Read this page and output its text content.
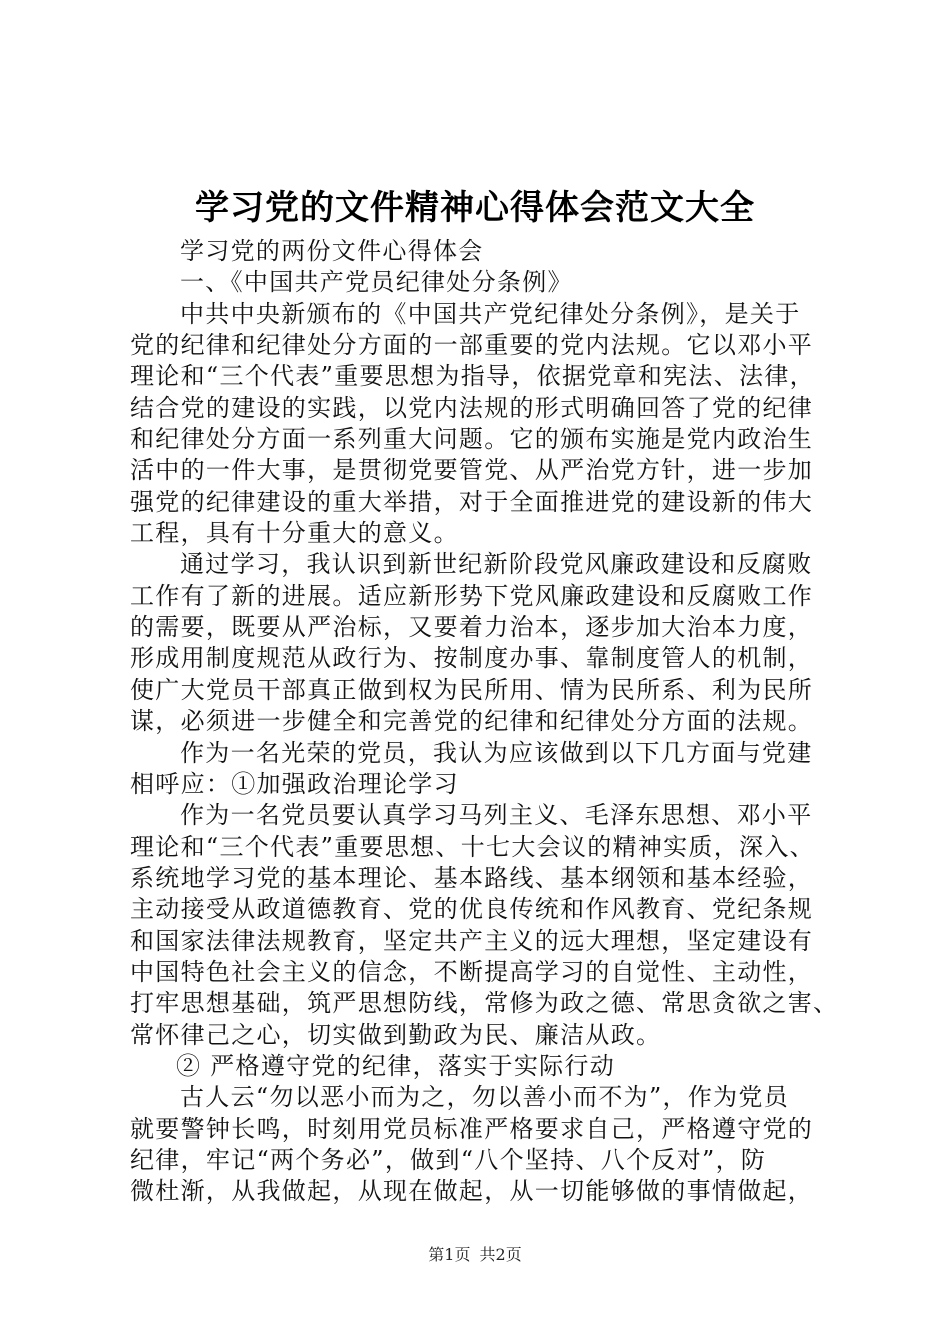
学习党的文件精神心得体会范文大全
学习党的两份文件心得体会
一、《中国共产党员纪律处分条例》
中共中央新颁布的《中国共产党纪律处分条例》，是关于
党的纪律和纪律处分方面的一部重要的党内法规。它以邓小平
理论和“三个代表”重要思想为指导，依据党章和宪法、法律，
结合党的建设的实践，以党内法规的形式明确回答了党的纪律
和纪律处分方面一系列重大问题。它的颁布实施是党内政治生
活中的一件大事，是贯彻党要管党、从严治党方针，进一步加
强党的纪律建设的重大举措，对于全面推进党的建设新的伟大
工程，具有十分重大的意义。
通过学习，我认识到新世纪新阶段党风廉政建设和反腐败
工作有了新的进展。适应新形势下党风廉政建设和反腐败工作
的需要，既要从严治标，又要着力治本，逐步加大治本力度，
形成用制度规范从政行为、按制度办事、靠制度管人的机制，
使广大党员干部真正做到权为民所用、情为民所系、利为民所
谋，必须进一步健全和完善党的纪律和纪律处分方面的法规。
作为一名光荣的党员，我认为应该做到以下几方面与党建
相呼应：①加强政治理论学习
作为一名党员要认真学习马列主义、毛泽东思想、邓小平
理论和“三个代表”重要思想、十七大会议的精神实质，深入、
系统地学习党的基本理论、基本路线、基本纲领和基本经验，
主动接受从政道德教育、党的优良传统和作风教育、党纪条规
和国家法律法规教育，坚定共产主义的远大理想，坚定建设有
中国特色社会主义的信念，不断提高学习的自觉性、主动性，
打牢思想基础，筑严思想防线，常修为政之德、常思贪欲之害、
常怀律己之心，切实做到勤政为民、廉洁从政。
② 严格遵守党的纪律，落实于实际行动
古人云“勿以恶小而为之，勿以善小而不为”，作为党员
就要警钟长鸣，时刻用党员标准严格要求自己，严格遵守党的
纪律，牢记“两个务必”，做到“八个坚持、八个反对”，防
微杜渐，从我做起，从现在做起，从一切能够做的事情做起，
第1页 共2页
